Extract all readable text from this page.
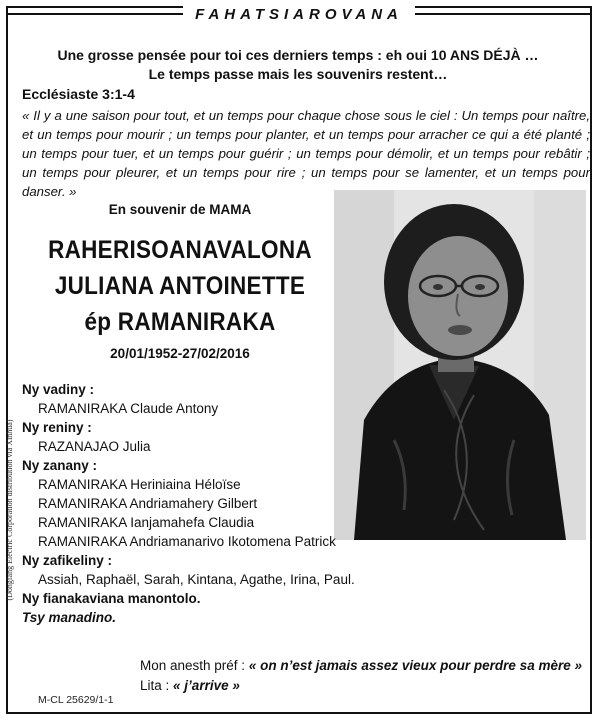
FAHATSIAROVANA
(Dongfang Electric Corporation distribution via Xinhua)
Une grosse pensée pour toi ces derniers temps : eh oui 10 ANS DÉJÀ …
Le temps passe mais les souvenirs restent…
Ecclésiaste 3:1-4
« Il y a une saison pour tout, et un temps pour chaque chose sous le ciel : Un temps pour naître, et un temps pour mourir ; un temps pour planter, et un temps pour arracher ce qui a été planté ; un temps pour tuer, et un temps pour guérir ; un temps pour démolir, et un temps pour rebâtir ; un temps pour pleurer, et un temps pour rire ; un temps pour se lamenter, et un temps pour danser. »
En souvenir de MAMA
RAHERISOANAVALONA
JULIANA ANTOINETTE
ép RAMANIRAKA
20/01/1952-27/02/2016
Ny vadiny :
RAMANIRAKA Claude Antony
Ny reniny :
RAZANAJAO Julia
Ny zanany :
RAMANIRAKA Heriniaina Héloïse
RAMANIRAKA Andriamahery Gilbert
RAMANIRAKA Ianjamahefa Claudia
RAMANIRAKA Andriamanarivo Ikotomena Patrick
Ny zafikeliny :
Assiah, Raphaël, Sarah, Kintana, Agathe, Irina, Paul.
Ny fianakaviana manontolo.
Tsy manadino.
Mon anesth préf : « on n’est jamais assez vieux pour perdre sa mère »
Lita : « j’arrive »
M-CL 25629/1-1
